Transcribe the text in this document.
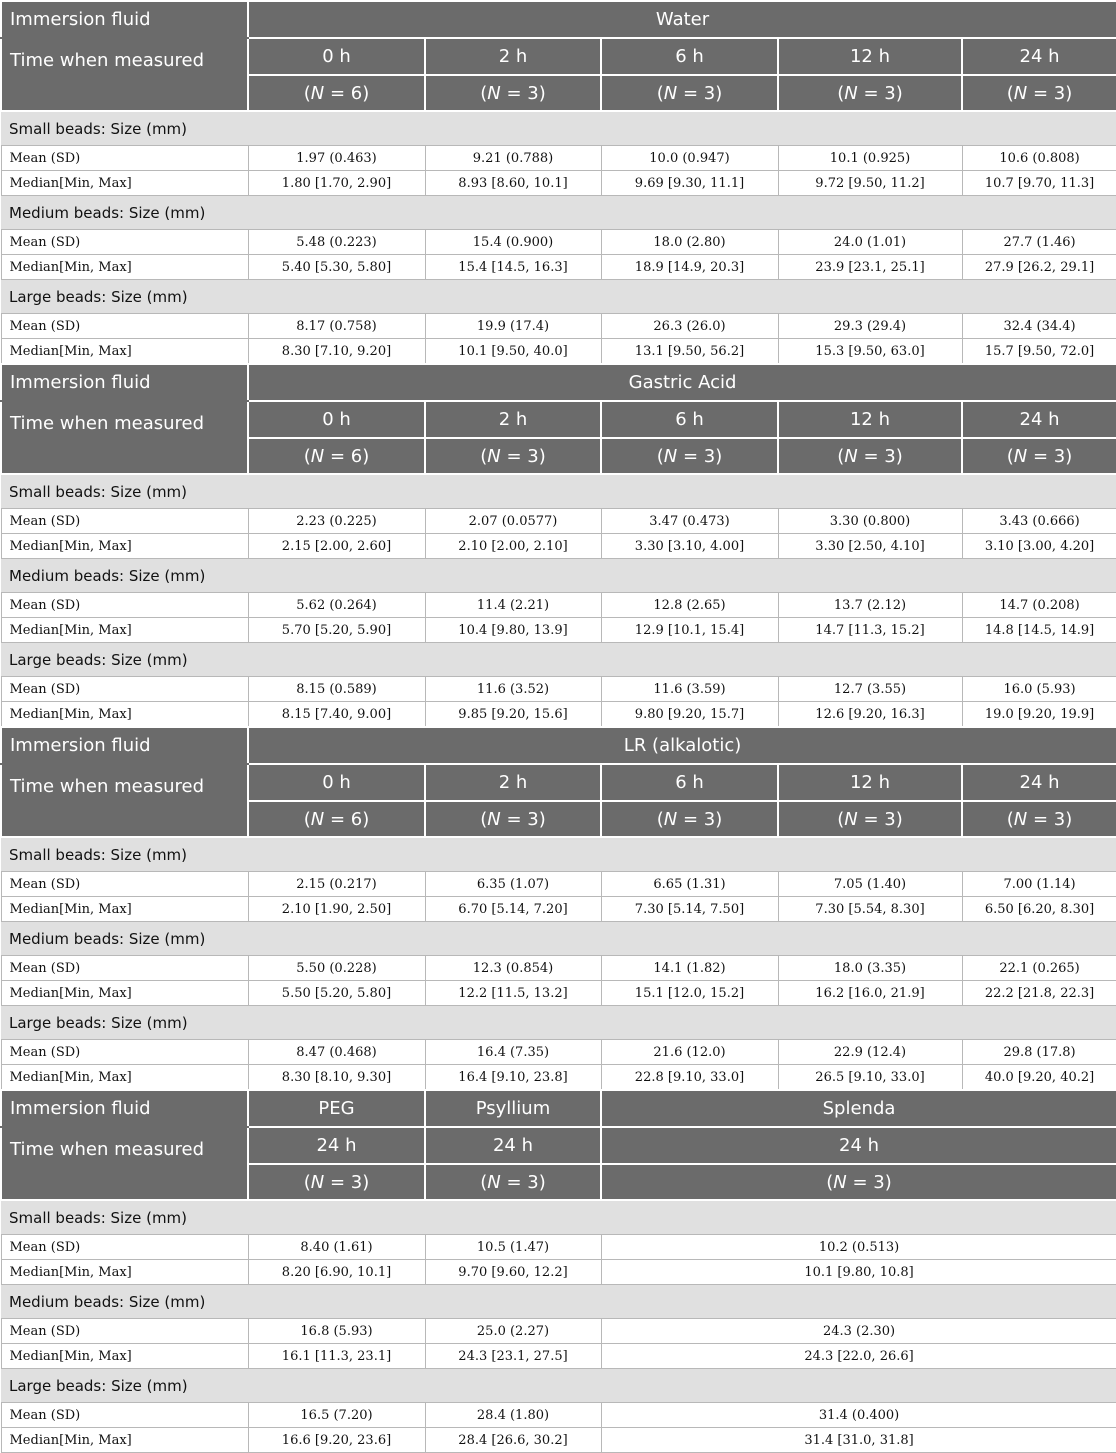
Immersion fluid	Water				
Time when measured	0 h	2 h	6 h	12 h	24 h
	(N = 6)	(N = 3)	(N = 3)	(N = 3)	(N = 3)
Small beads: Size (mm)					
Mean (SD)	1.97 (0.463)	9.21 (0.788)	10.0 (0.947)	10.1 (0.925)	10.6 (0.808)
Median[Min, Max]	1.80 [1.70, 2.90]	8.93 [8.60, 10.1]	9.69 [9.30, 11.1]	9.72 [9.50, 11.2]	10.7 [9.70, 11.3]
Medium beads: Size (mm)					
Mean (SD)	5.48 (0.223)	15.4 (0.900)	18.0 (2.80)	24.0 (1.01)	27.7 (1.46)
Median[Min, Max]	5.40 [5.30, 5.80]	15.4 [14.5, 16.3]	18.9 [14.9, 20.3]	23.9 [23.1, 25.1]	27.9 [26.2, 29.1]
Large beads: Size (mm)					
Mean (SD)	8.17 (0.758)	19.9 (17.4)	26.3 (26.0)	29.3 (29.4)	32.4 (34.4)
Median[Min, Max]	8.30 [7.10, 9.20]	10.1 [9.50, 40.0]	13.1 [9.50, 56.2]	15.3 [9.50, 63.0]	15.7 [9.50, 72.0]
Immersion fluid	Gastric Acid				
Time when measured	0 h	2 h	6 h	12 h	24 h
	(N = 6)	(N = 3)	(N = 3)	(N = 3)	(N = 3)
Small beads: Size (mm)					
Mean (SD)	2.23 (0.225)	2.07 (0.0577)	3.47 (0.473)	3.30 (0.800)	3.43 (0.666)
Median[Min, Max]	2.15 [2.00, 2.60]	2.10 [2.00, 2.10]	3.30 [3.10, 4.00]	3.30 [2.50, 4.10]	3.10 [3.00, 4.20]
Medium beads: Size (mm)					
Mean (SD)	5.62 (0.264)	11.4 (2.21)	12.8 (2.65)	13.7 (2.12)	14.7 (0.208)
Median[Min, Max]	5.70 [5.20, 5.90]	10.4 [9.80, 13.9]	12.9 [10.1, 15.4]	14.7 [11.3, 15.2]	14.8 [14.5, 14.9]
Large beads: Size (mm)					
Mean (SD)	8.15 (0.589)	11.6 (3.52)	11.6 (3.59)	12.7 (3.55)	16.0 (5.93)
Median[Min, Max]	8.15 [7.40, 9.00]	9.85 [9.20, 15.6]	9.80 [9.20, 15.7]	12.6 [9.20, 16.3]	19.0 [9.20, 19.9]
Immersion fluid	LR (alkalotic)				
Time when measured	0 h	2 h	6 h	12 h	24 h
	(N = 6)	(N = 3)	(N = 3)	(N = 3)	(N = 3)
Small beads: Size (mm)					
Mean (SD)	2.15 (0.217)	6.35 (1.07)	6.65 (1.31)	7.05 (1.40)	7.00 (1.14)
Median[Min, Max]	2.10 [1.90, 2.50]	6.70 [5.14, 7.20]	7.30 [5.14, 7.50]	7.30 [5.54, 8.30]	6.50 [6.20, 8.30]
Medium beads: Size (mm)					
Mean (SD)	5.50 (0.228)	12.3 (0.854)	14.1 (1.82)	18.0 (3.35)	22.1 (0.265)
Median[Min, Max]	5.50 [5.20, 5.80]	12.2 [11.5, 13.2]	15.1 [12.0, 15.2]	16.2 [16.0, 21.9]	22.2 [21.8, 22.3]
Large beads: Size (mm)					
Mean (SD)	8.47 (0.468)	16.4 (7.35)	21.6 (12.0)	22.9 (12.4)	29.8 (17.8)
Median[Min, Max]	8.30 [8.10, 9.30]	16.4 [9.10, 23.8]	22.8 [9.10, 33.0]	26.5 [9.10, 33.0]	40.0 [9.20, 40.2]
Immersion fluid	PEG	Psyllium	Splenda		
Time when measured	24 h	24 h	24 h		
	(N = 3)	(N = 3)	(N = 3)		
Small beads: Size (mm)					
Mean (SD)	8.40 (1.61)	10.5 (1.47)	10.2 (0.513)		
Median[Min, Max]	8.20 [6.90, 10.1]	9.70 [9.60, 12.2]	10.1 [9.80, 10.8]		
Medium beads: Size (mm)					
Mean (SD)	16.8 (5.93)	25.0 (2.27)	24.3 (2.30)		
Median[Min, Max]	16.1 [11.3, 23.1]	24.3 [23.1, 27.5]	24.3 [22.0, 26.6]		
Large beads: Size (mm)					
Mean (SD)	16.5 (7.20)	28.4 (1.80)	31.4 (0.400)		
Median[Min, Max]	16.6 [9.20, 23.6]	28.4 [26.6, 30.2]	31.4 [31.0, 31.8]		
